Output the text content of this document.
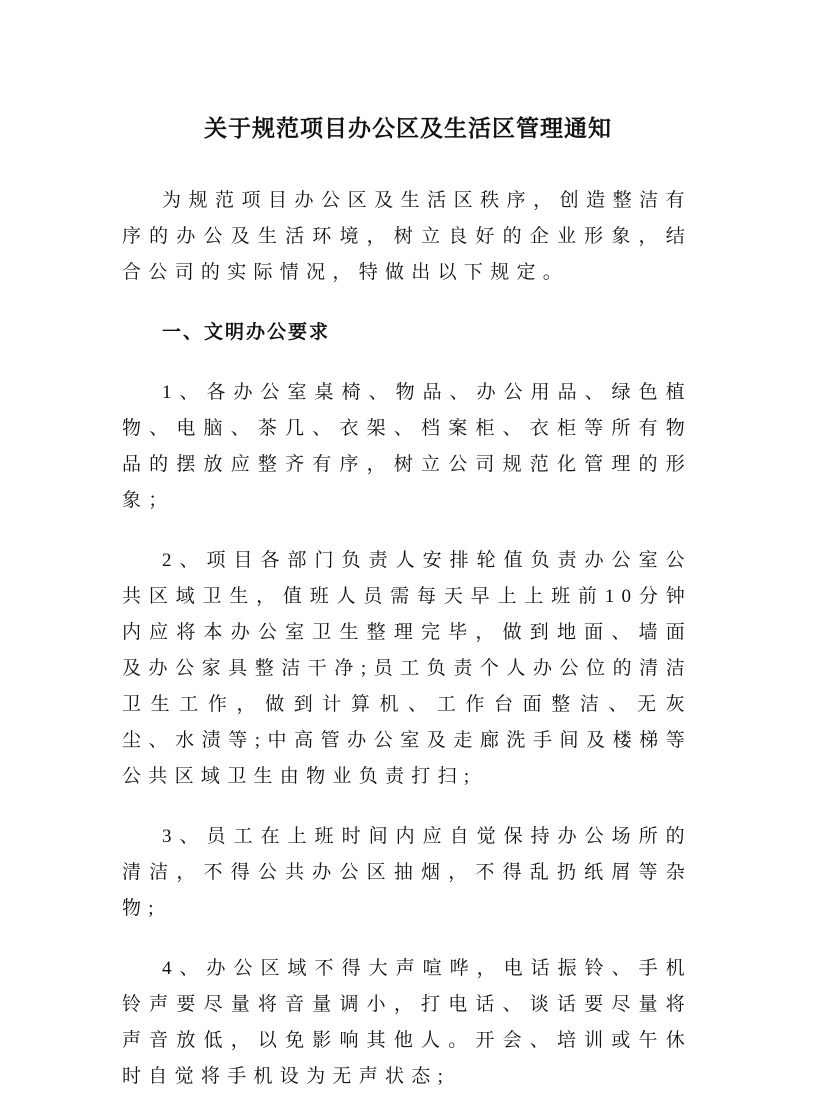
关于规范项目办公区及生活区管理通知

为规范项目办公区及生活区秩序，创造整洁有序的办公及生活环境，树立良好的企业形象，结合公司的实际情况，特做出以下规定。

一、文明办公要求

1、各办公室桌椅、物品、办公用品、绿色植物、电脑、茶几、衣架、档案柜、衣柜等所有物品的摆放应整齐有序，树立公司规范化管理的形象；

2、项目各部门负责人安排轮值负责办公室公共区域卫生，值班人员需每天早上上班前10分钟内应将本办公室卫生整理完毕，做到地面、墙面及办公家具整洁干净;员工负责个人办公位的清洁卫生工作，做到计算机、工作台面整洁、无灰尘、水渍等;中高管办公室及走廊洗手间及楼梯等公共区域卫生由物业负责打扫;

3、员工在上班时间内应自觉保持办公场所的清洁，不得公共办公区抽烟，不得乱扔纸屑等杂物;

4、办公区域不得大声喧哗，电话振铃、手机铃声要尽量将音量调小，打电话、谈话要尽量将声音放低，以免影响其他人。开会、培训或午休时自觉将手机设为无声状态;
